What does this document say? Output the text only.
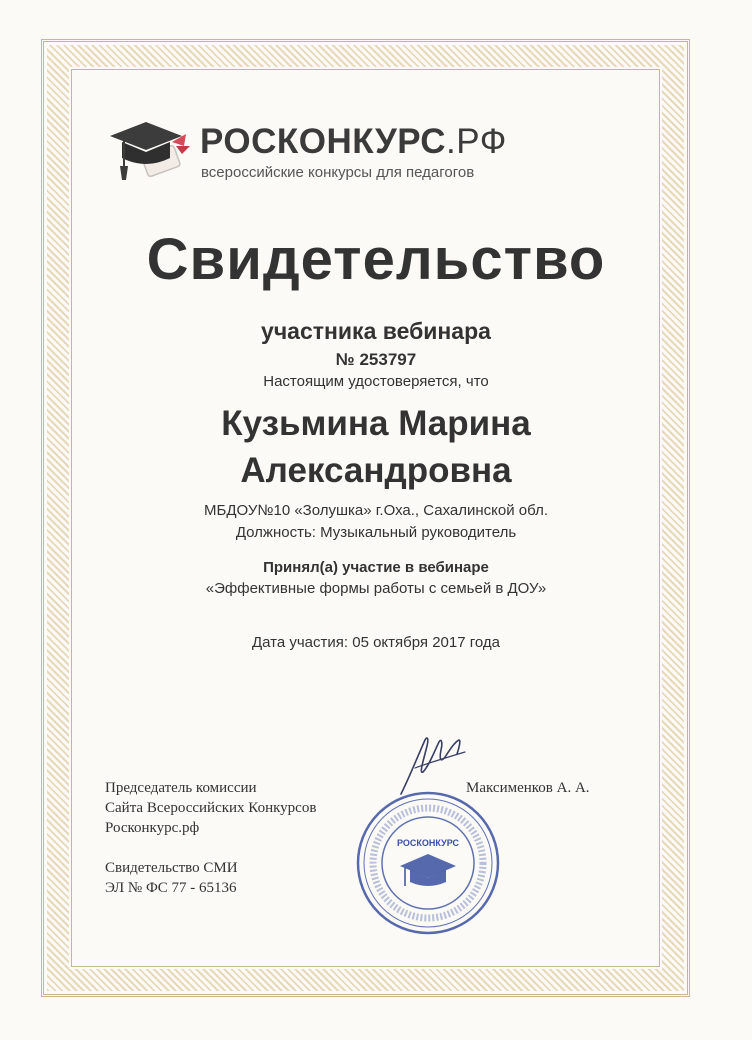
РОСКОНКУРС.РФ
всероссийские конкурсы для педагогов
Свидетельство
участника вебинара
№ 253797
Настоящим удостоверяется, что
Кузьмина Марина
Александровна
МБДОУ№10 «Золушка» г.Оха., Сахалинской обл.
Должность: Музыкальный руководитель
Принял(а) участие в вебинаре
«Эффективные формы работы с семьей в ДОУ»
Дата участия: 05 октября 2017 года
Председатель комиссии
Сайта Всероссийских Конкурсов
Росконкурс.рф
Максименков А. А.
Свидетельство СМИ
ЭЛ № ФС 77 - 65136
РОСКОНКУРС
